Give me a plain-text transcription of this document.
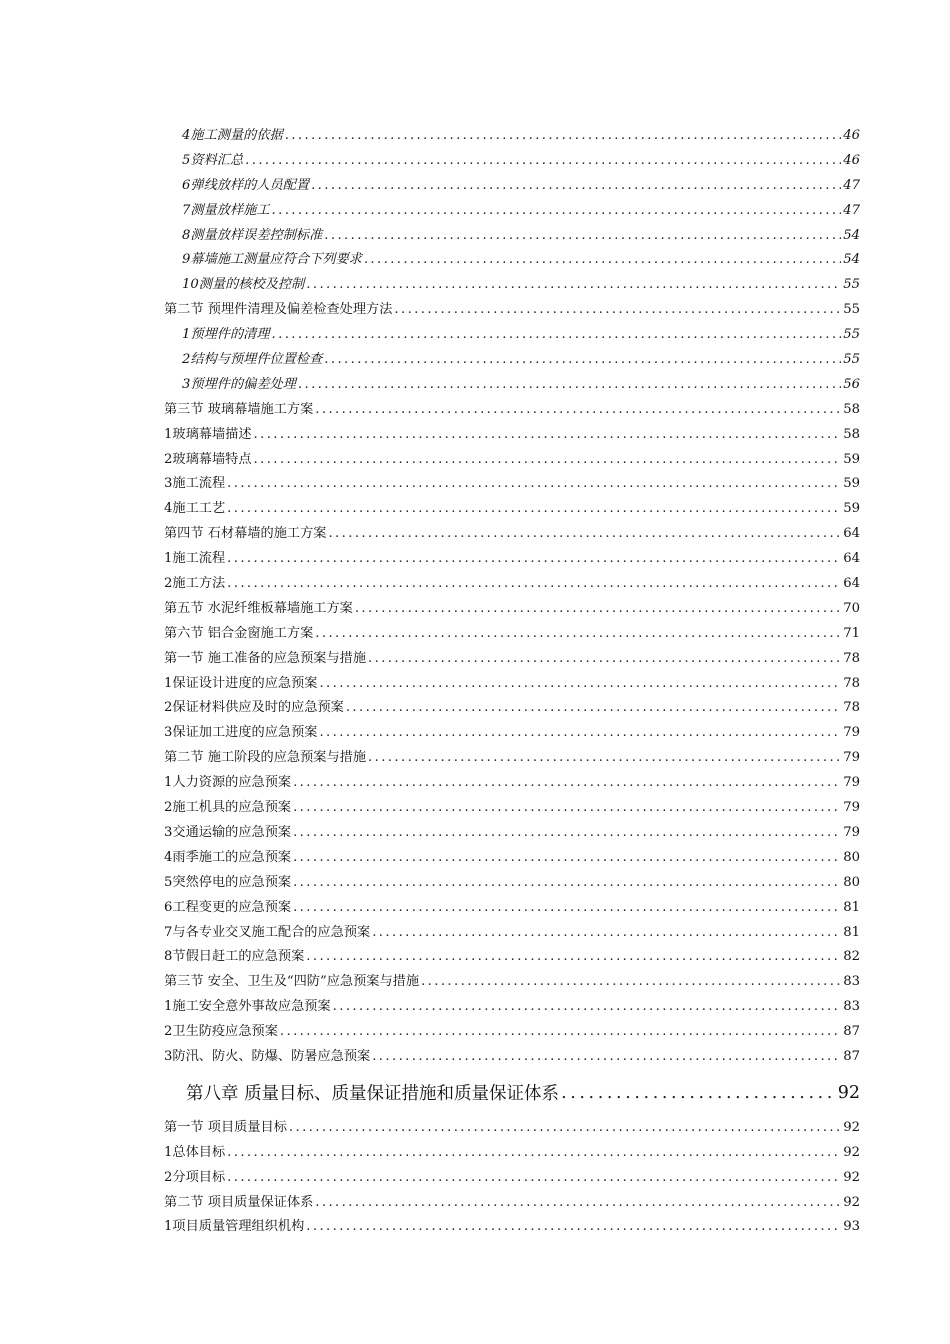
4施工测量的依据 .....	46
5资料汇总 .....	46
6弹线放样的人员配置 .....	47
7测量放样施工 .....	47
8测量放样误差控制标准 .....	54
9幕墙施工测量应符合下列要求 .....	54
10测量的核校及控制 .....	55
第二节 预埋件清理及偏差检查处理方法 .....	55
1预埋件的清理 .....	55
2结构与预埋件位置检查 .....	55
3预埋件的偏差处理 .....	56
第三节 玻璃幕墙施工方案 .....	58
1玻璃幕墙描述 .....	58
2玻璃幕墙特点 .....	59
3施工流程 .....	59
4施工工艺 .....	59
第四节 石材幕墙的施工方案 .....	64
1施工流程 .....	64
2施工方法 .....	64
第五节 水泥纤维板幕墙施工方案 .....	70
第六节 铝合金窗施工方案 .....	71
第一节 施工准备的应急预案与措施 .....	78
1保证设计进度的应急预案 .....	78
2保证材料供应及时的应急预案 .....	78
3保证加工进度的应急预案 .....	79
第二节 施工阶段的应急预案与措施 .....	79
1人力资源的应急预案 .....	79
2施工机具的应急预案 .....	79
3交通运输的应急预案 .....	79
4雨季施工的应急预案 .....	80
5突然停电的应急预案 .....	80
6工程变更的应急预案 .....	81
7与各专业交叉施工配合的应急预案 .....	81
8节假日赶工的应急预案 .....	82
第三节 安全、卫生及“四防”应急预案与措施 .....	83
1施工安全意外事故应急预案 .....	83
2卫生防疫应急预案 .....	87
3防汛、防火、防爆、防暑应急预案 .....	87
第八章 质量目标、质量保证措施和质量保证体系 .....	92
第一节 项目质量目标 .....	92
1总体目标 .....	92
2分项目标 .....	92
第二节 项目质量保证体系 .....	92
1项目质量管理组织机构 .....	93
